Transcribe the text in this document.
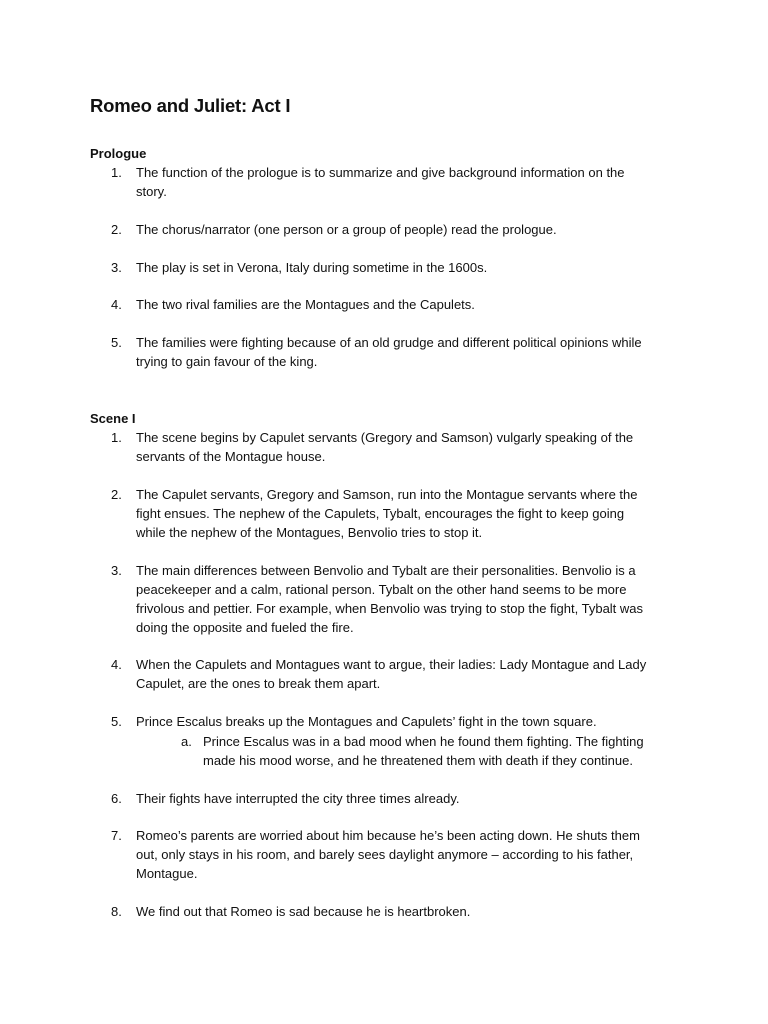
Romeo and Juliet: Act I
Prologue
1.	The function of the prologue is to summarize and give background information on the
story.
2.	The chorus/narrator (one person or a group of people) read the prologue.
3.	The play is set in Verona, Italy during sometime in the 1600s.
4.	The two rival families are the Montagues and the Capulets.
5.	The families were fighting because of an old grudge and different political opinions while
trying to gain favour of the king.
Scene I
1.	The scene begins by Capulet servants (Gregory and Samson) vulgarly speaking of the
servants of the Montague house.
2.	The Capulet servants, Gregory and Samson, run into the Montague servants where the
fight ensues. The nephew of the Capulets, Tybalt, encourages the fight to keep going
while the nephew of the Montagues, Benvolio tries to stop it.
3.	The main differences between Benvolio and Tybalt are their personalities. Benvolio is a
peacekeeper and a calm, rational person. Tybalt on the other hand seems to be more
frivolous and pettier. For example, when Benvolio was trying to stop the fight, Tybalt was
doing the opposite and fueled the fire.
4.	When the Capulets and Montagues want to argue, their ladies: Lady Montague and Lady
Capulet, are the ones to break them apart.
5.	Prince Escalus breaks up the Montagues and Capulets’ fight in the town square.
a. Prince Escalus was in a bad mood when he found them fighting. The fighting
made his mood worse, and he threatened them with death if they continue.
6.	Their fights have interrupted the city three times already.
7.	Romeo’s parents are worried about him because he’s been acting down. He shuts them
out, only stays in his room, and barely sees daylight anymore – according to his father,
Montague.
8.	We find out that Romeo is sad because he is heartbroken.
